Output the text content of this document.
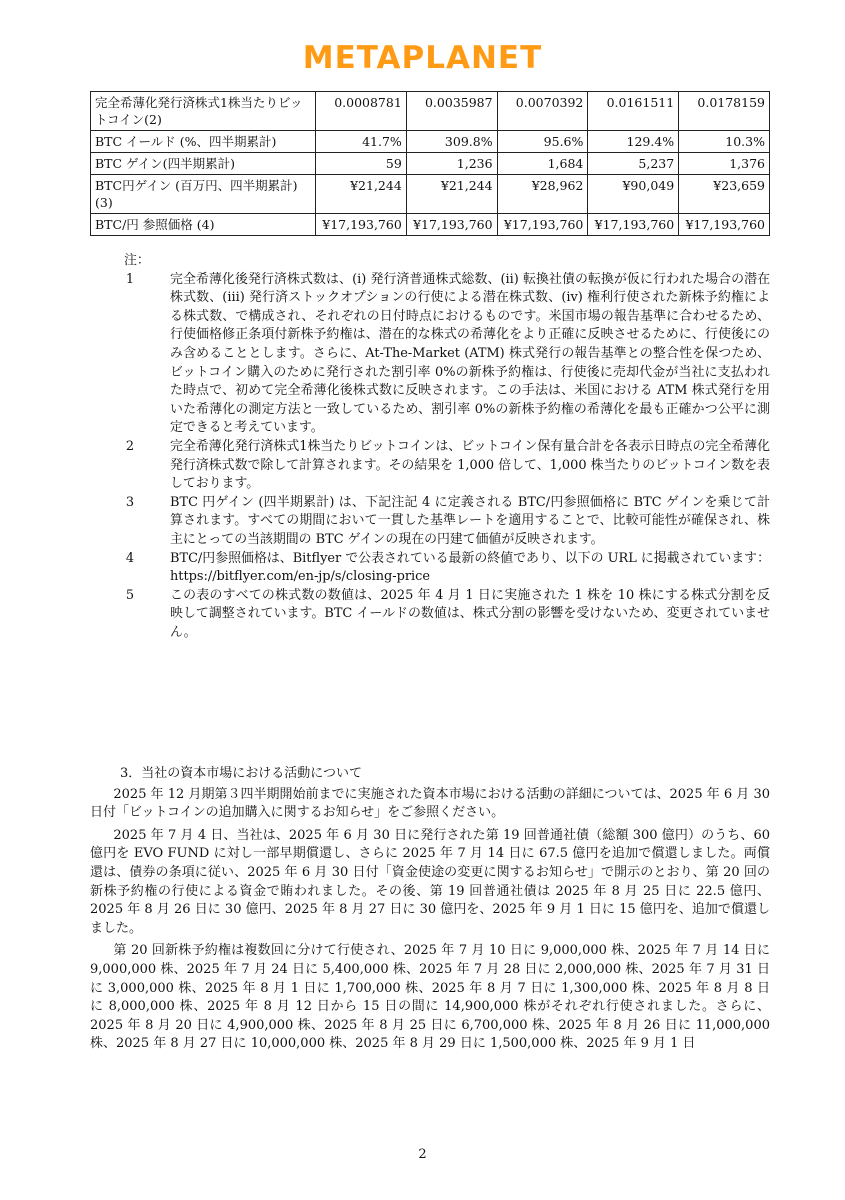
METAPLANET
完全希薄化発行済株式1株当たりビットコイン(2)	0.0008781	0.0035987	0.0070392	0.0161511	0.0178159
BTC イールド (%、四半期累計)	41.7%	309.8%	95.6%	129.4%	10.3%
BTC ゲイン(四半期累計)	59	1,236	1,684	5,237	1,376
BTC円ゲイン (百万円、四半期累計) (3)	¥21,244	¥21,244	¥28,962	¥90,049	¥23,659
BTC/円 参照価格 (4)	¥17,193,760	¥17,193,760	¥17,193,760	¥17,193,760	¥17,193,760
注：
1	完全希薄化後発行済株式数は、(i) 発行済普通株式総数、(ii) 転換社債の転換が仮に行われた場合の潜在株式数、(iii) 発行済ストックオプションの行使による潜在株式数、(iv) 権利行使された新株予約権による株式数、で構成され、それぞれの日付時点におけるものです。米国市場の報告基準に合わせるため、行使価格修正条項付新株予約権は、潜在的な株式の希薄化をより正確に反映させるために、行使後にのみ含めることとします。さらに、At-The-Market (ATM) 株式発行の報告基準との整合性を保つため、ビットコイン購入のために発行された割引率 0%の新株予約権は、行使後に売却代金が当社に支払われた時点で、初めて完全希薄化後株式数に反映されます。この手法は、米国における ATM 株式発行を用いた希薄化の測定方法と一致しているため、割引率 0%の新株予約権の希薄化を最も正確かつ公平に測定できると考えています。
2	完全希薄化発行済株式1株当たりビットコインは、ビットコイン保有量合計を各表示日時点の完全希薄化発行済株式数で除して計算されます。その結果を 1,000 倍して、1,000 株当たりのビットコイン数を表しております。
3	BTC 円ゲイン (四半期累計) は、下記注記 4 に定義される BTC/円参照価格に BTC ゲインを乗じて計算されます。すべての期間において一貫した基準レートを適用することで、比較可能性が確保され、株主にとっての当該期間の BTC ゲインの現在の円建て価値が反映されます。
4	BTC/円参照価格は、Bitflyer で公表されている最新の終値であり、以下の URL に掲載されています：https://bitflyer.com/en-jp/s/closing-price
5	この表のすべての株式数の数値は、2025 年 4 月 1 日に実施された 1 株を 10 株にする株式分割を反映して調整されています。BTC イールドの数値は、株式分割の影響を受けないため、変更されていません。
3．当社の資本市場における活動について

2025 年 12 月期第３四半期開始前までに実施された資本市場における活動の詳細については、2025 年 6 月 30 日付「ビットコインの追加購入に関するお知らせ」をご参照ください。

2025 年 7 月 4 日、当社は、2025 年 6 月 30 日に発行された第 19 回普通社債（総額 300 億円）のうち、60 億円を EVO FUND に対し一部早期償還し、さらに 2025 年 7 月 14 日に 67.5 億円を追加で償還しました。両償還は、債券の条項に従い、2025 年 6 月 30 日付「資金使途の変更に関するお知らせ」で開示のとおり、第 20 回の新株予約権の行使による資金で賄われました。その後、第 19 回普通社債は 2025 年 8 月 25 日に 22.5 億円、2025 年 8 月 26 日に 30 億円、2025 年 8 月 27 日に 30 億円を、2025 年 9 月 1 日に 15 億円を、追加で償還しました。

第 20 回新株予約権は複数回に分けて行使され、2025 年 7 月 10 日に 9,000,000 株、2025 年 7 月 14 日に 9,000,000 株、2025 年 7 月 24 日に 5,400,000 株、2025 年 7 月 28 日に 2,000,000 株、2025 年 7 月 31 日に 3,000,000 株、2025 年 8 月 1 日に 1,700,000 株、2025 年 8 月 7 日に 1,300,000 株、2025 年 8 月 8 日に 8,000,000 株、2025 年 8 月 12 日から 15 日の間に 14,900,000 株がそれぞれ行使されました。さらに、2025 年 8 月 20 日に 4,900,000 株、2025 年 8 月 25 日に 6,700,000 株、2025 年 8 月 26 日に 11,000,000 株、2025 年 8 月 27 日に 10,000,000 株、2025 年 8 月 29 日に 1,500,000 株、2025 年 9 月 1 日

2
